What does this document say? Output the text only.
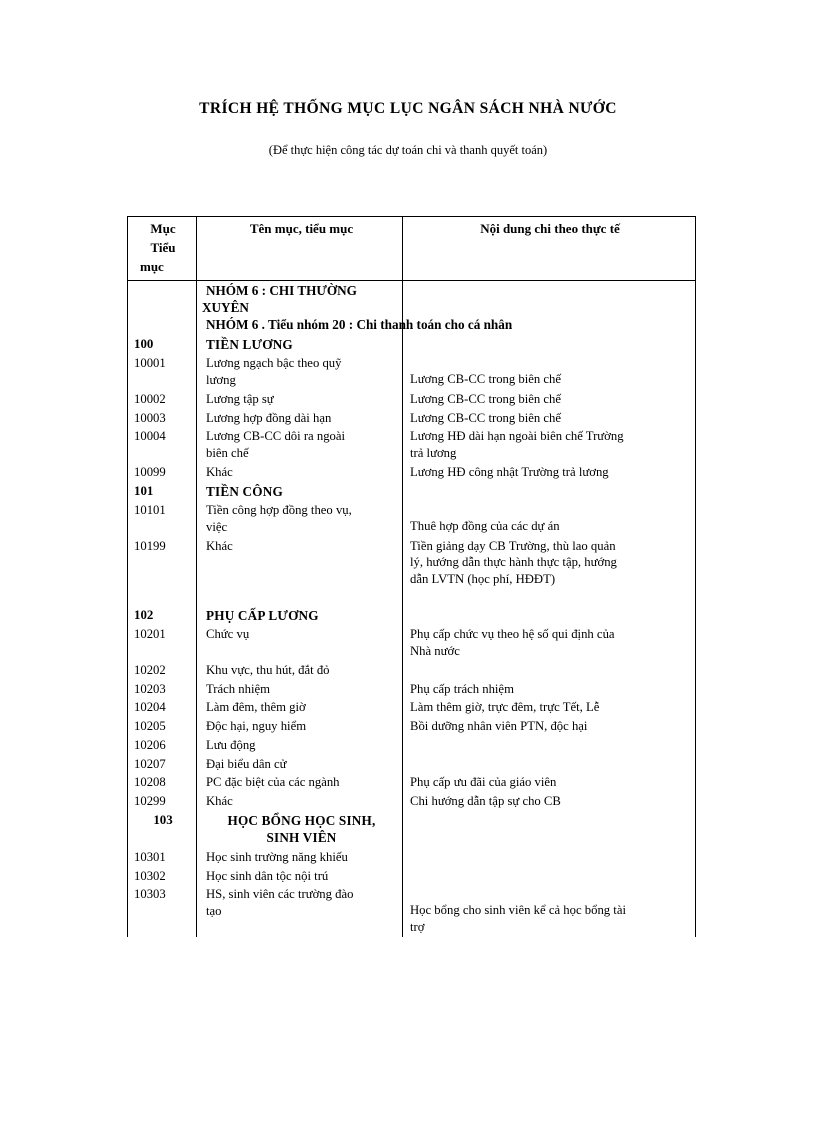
TRÍCH HỆ THỐNG MỤC LỤC NGÂN SÁCH NHÀ NƯỚC
(Để thực hiện công tác dự toán chi và thanh quyết toán)
Mục
Tiểu
mục	Tên mục, tiểu mục	Nội dung chi theo thực tế

	NHÓM 6 : CHI THƯỜNG
XUYÊN
NHÓM 6 . Tiểu nhóm 20 : Chi thanh toán cho cá nhân	

100	TIỀN LƯƠNG	

10001	Lương ngạch bậc theo quỹ
lương	Lương CB-CC trong biên chế

10002	Lương tập sự	Lương CB-CC trong biên chế

10003	Lương hợp đồng dài hạn	Lương CB-CC trong biên chế

10004	Lương CB-CC dôi ra ngoài
biên chế	Lương HĐ dài hạn ngoài biên chế Trường
trả lương

10099	Khác	Lương HĐ công nhật Trường trả lương

101	TIỀN CÔNG	

10101	Tiền công hợp đồng theo vụ,
việc	Thuê hợp đồng của các dự án

10199	Khác	Tiền giảng dạy CB Trường, thù lao quản
lý, hướng dẫn thực hành thực tập, hướng
dẫn LVTN (học phí, HĐĐT)

102	PHỤ CẤP LƯƠNG	

10201	Chức vụ	Phụ cấp chức vụ theo hệ số qui định của
Nhà nước

10202	Khu vực, thu hút, đắt đỏ	

10203	Trách nhiệm	Phụ cấp trách nhiệm

10204	Làm đêm, thêm giờ	Làm thêm giờ, trực đêm, trực Tết, Lễ

10205	Độc hại, nguy hiểm	Bồi dưỡng nhân viên PTN, độc hại

10206	Lưu động	

10207	Đại biểu dân cử	

10208	PC đặc biệt của các ngành	Phụ cấp ưu đãi của giáo viên

10299	Khác	Chi hướng dẫn tập sự cho CB

103	HỌC BỔNG HỌC SINH,
SINH VIÊN	

10301	Học sinh trường năng khiếu	

10302	Học sinh dân tộc nội trú	

10303	HS, sinh viên các trường đào
tạo	Học bổng cho sinh viên kể cả học bổng tài
trợ
